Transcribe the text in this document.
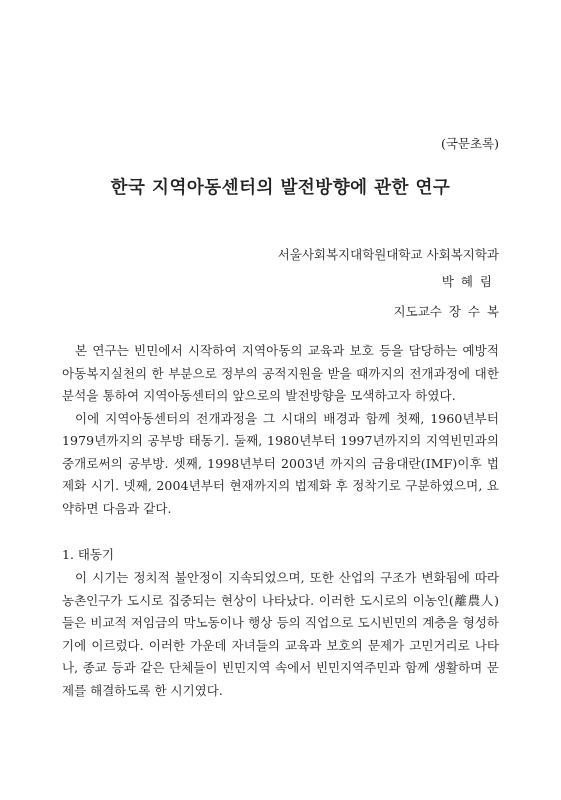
(국문초록)
한국 지역아동센터의 발전방향에 관한 연구
서울사회복지대학원대학교 사회복지학과
박혜림
지도교수 장 수 복

본 연구는 빈민에서 시작하여 지역아동의 교육과 보호 등을 담당하는 예방적 아동복지실천의 한 부분으로 정부의 공적지원을 받을 때까지의 전개과정에 대한 분석을 통하여 지역아동센터의 앞으로의 발전방향을 모색하고자 하였다.

이에 지역아동센터의 전개과정을 그 시대의 배경과 함께 첫째, 1960년부터 1979년까지의 공부방 태동기. 둘째, 1980년부터 1997년까지의 지역빈민과의 중개로써의 공부방. 셋째, 1998년부터 2003년 까지의 금융대란(IMF)이후 법제화 시기. 넷째, 2004년부터 현재까지의 법제화 후 정착기로 구분하였으며, 요약하면 다음과 같다.

1. 태동기

이 시기는 정치적 불안정이 지속되었으며, 또한 산업의 구조가 변화됨에 따라 농촌인구가 도시로 집중되는 현상이 나타났다. 이러한 도시로의 이농인(離農人)들은 비교적 저임금의 막노동이나 행상 등의 직업으로 도시빈민의 계층을 형성하기에 이르렀다. 이러한 가운데 자녀들의 교육과 보호의 문제가 고민거리로 나타나, 종교 등과 같은 단체들이 빈민지역 속에서 빈민지역주민과 함께 생활하며 문제를 해결하도록 한 시기였다.
